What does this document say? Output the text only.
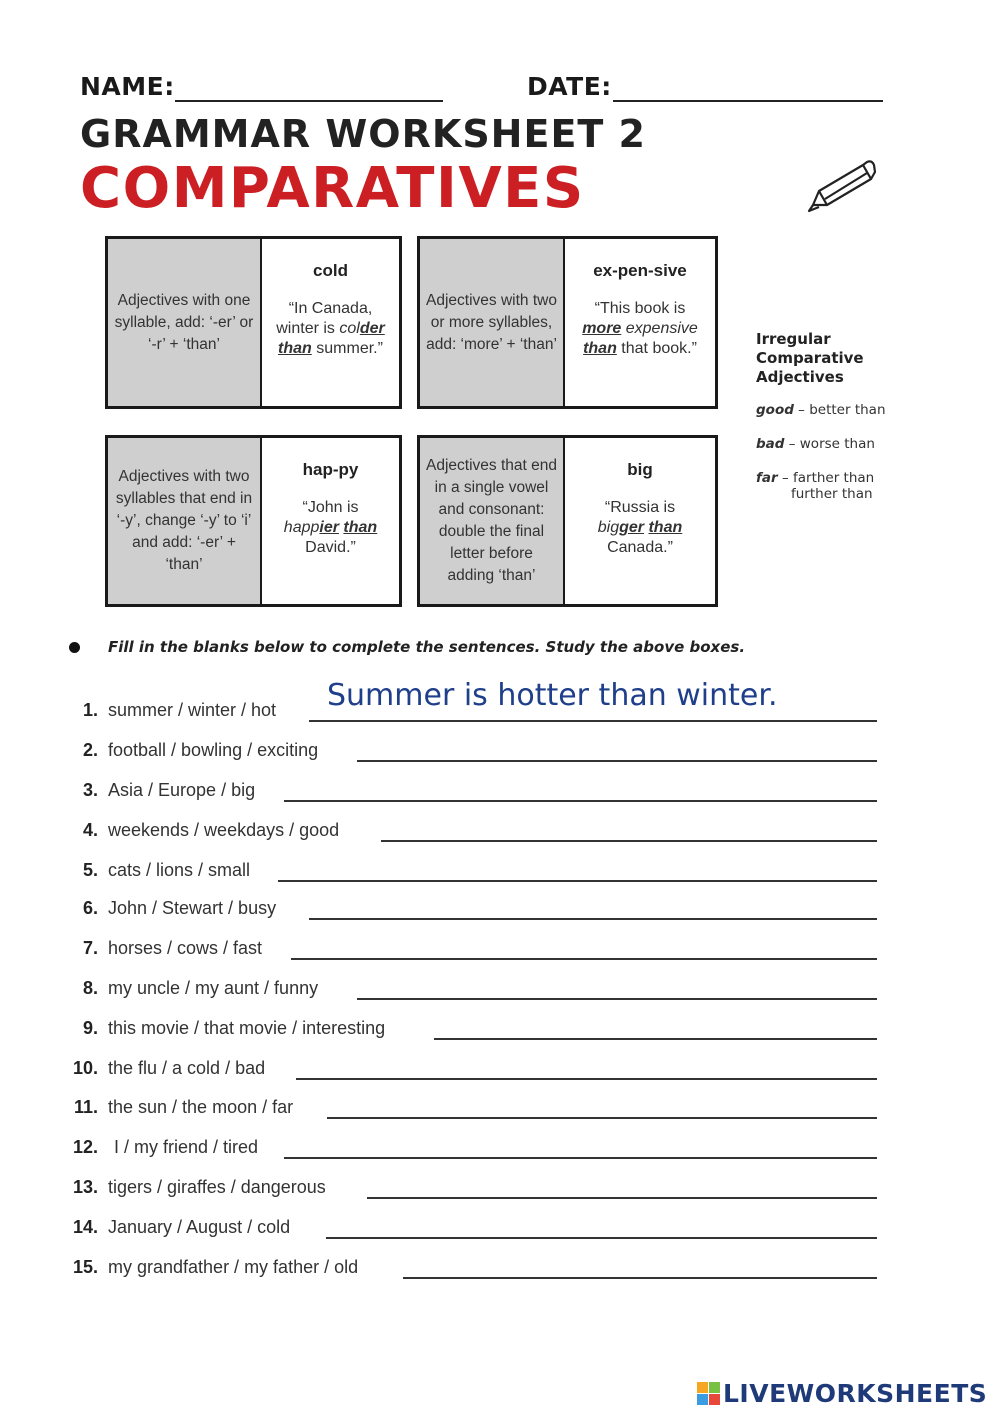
NAME:	DATE:
GRAMMAR WORKSHEET 2
COMPARATIVES
Adjectives with one syllable, add: ‘-er’ or ‘-r’ + ‘than’
cold
“In Canada,
winter is colder
than summer.”
Adjectives with two or more syllables, add: ‘more’ + ‘than’
ex-pen-sive
“This book is
more expensive
than that book.”
Adjectives with two syllables that end in ‘-y’, change ‘-y’ to ‘i’ and add: ‘-er’ + ‘than’
hap-py
“John is
happier than
David.”
Adjectives that end in a single vowel and consonant: double the final letter before adding ‘than’
big
“Russia is
bigger than
Canada.”
Irregular
Comparative
Adjectives
good – better than
bad – worse than
far – farther than
further than
Fill in the blanks below to complete the sentences. Study the above boxes.
1. summer / winter / hot Summer is hotter than winter.
2. football / bowling / exciting
3. Asia / Europe / big
4. weekends / weekdays / good
5. cats / lions / small
6. John / Stewart / busy
7. horses / cows / fast
8. my uncle / my aunt / funny
9. this movie / that movie / interesting
10. the flu / a cold / bad
11. the sun / the moon / far
12. I / my friend / tired
13. tigers / giraffes / dangerous
14. January / August / cold
15. my grandfather / my father / old
LIVEWORKSHEETS
